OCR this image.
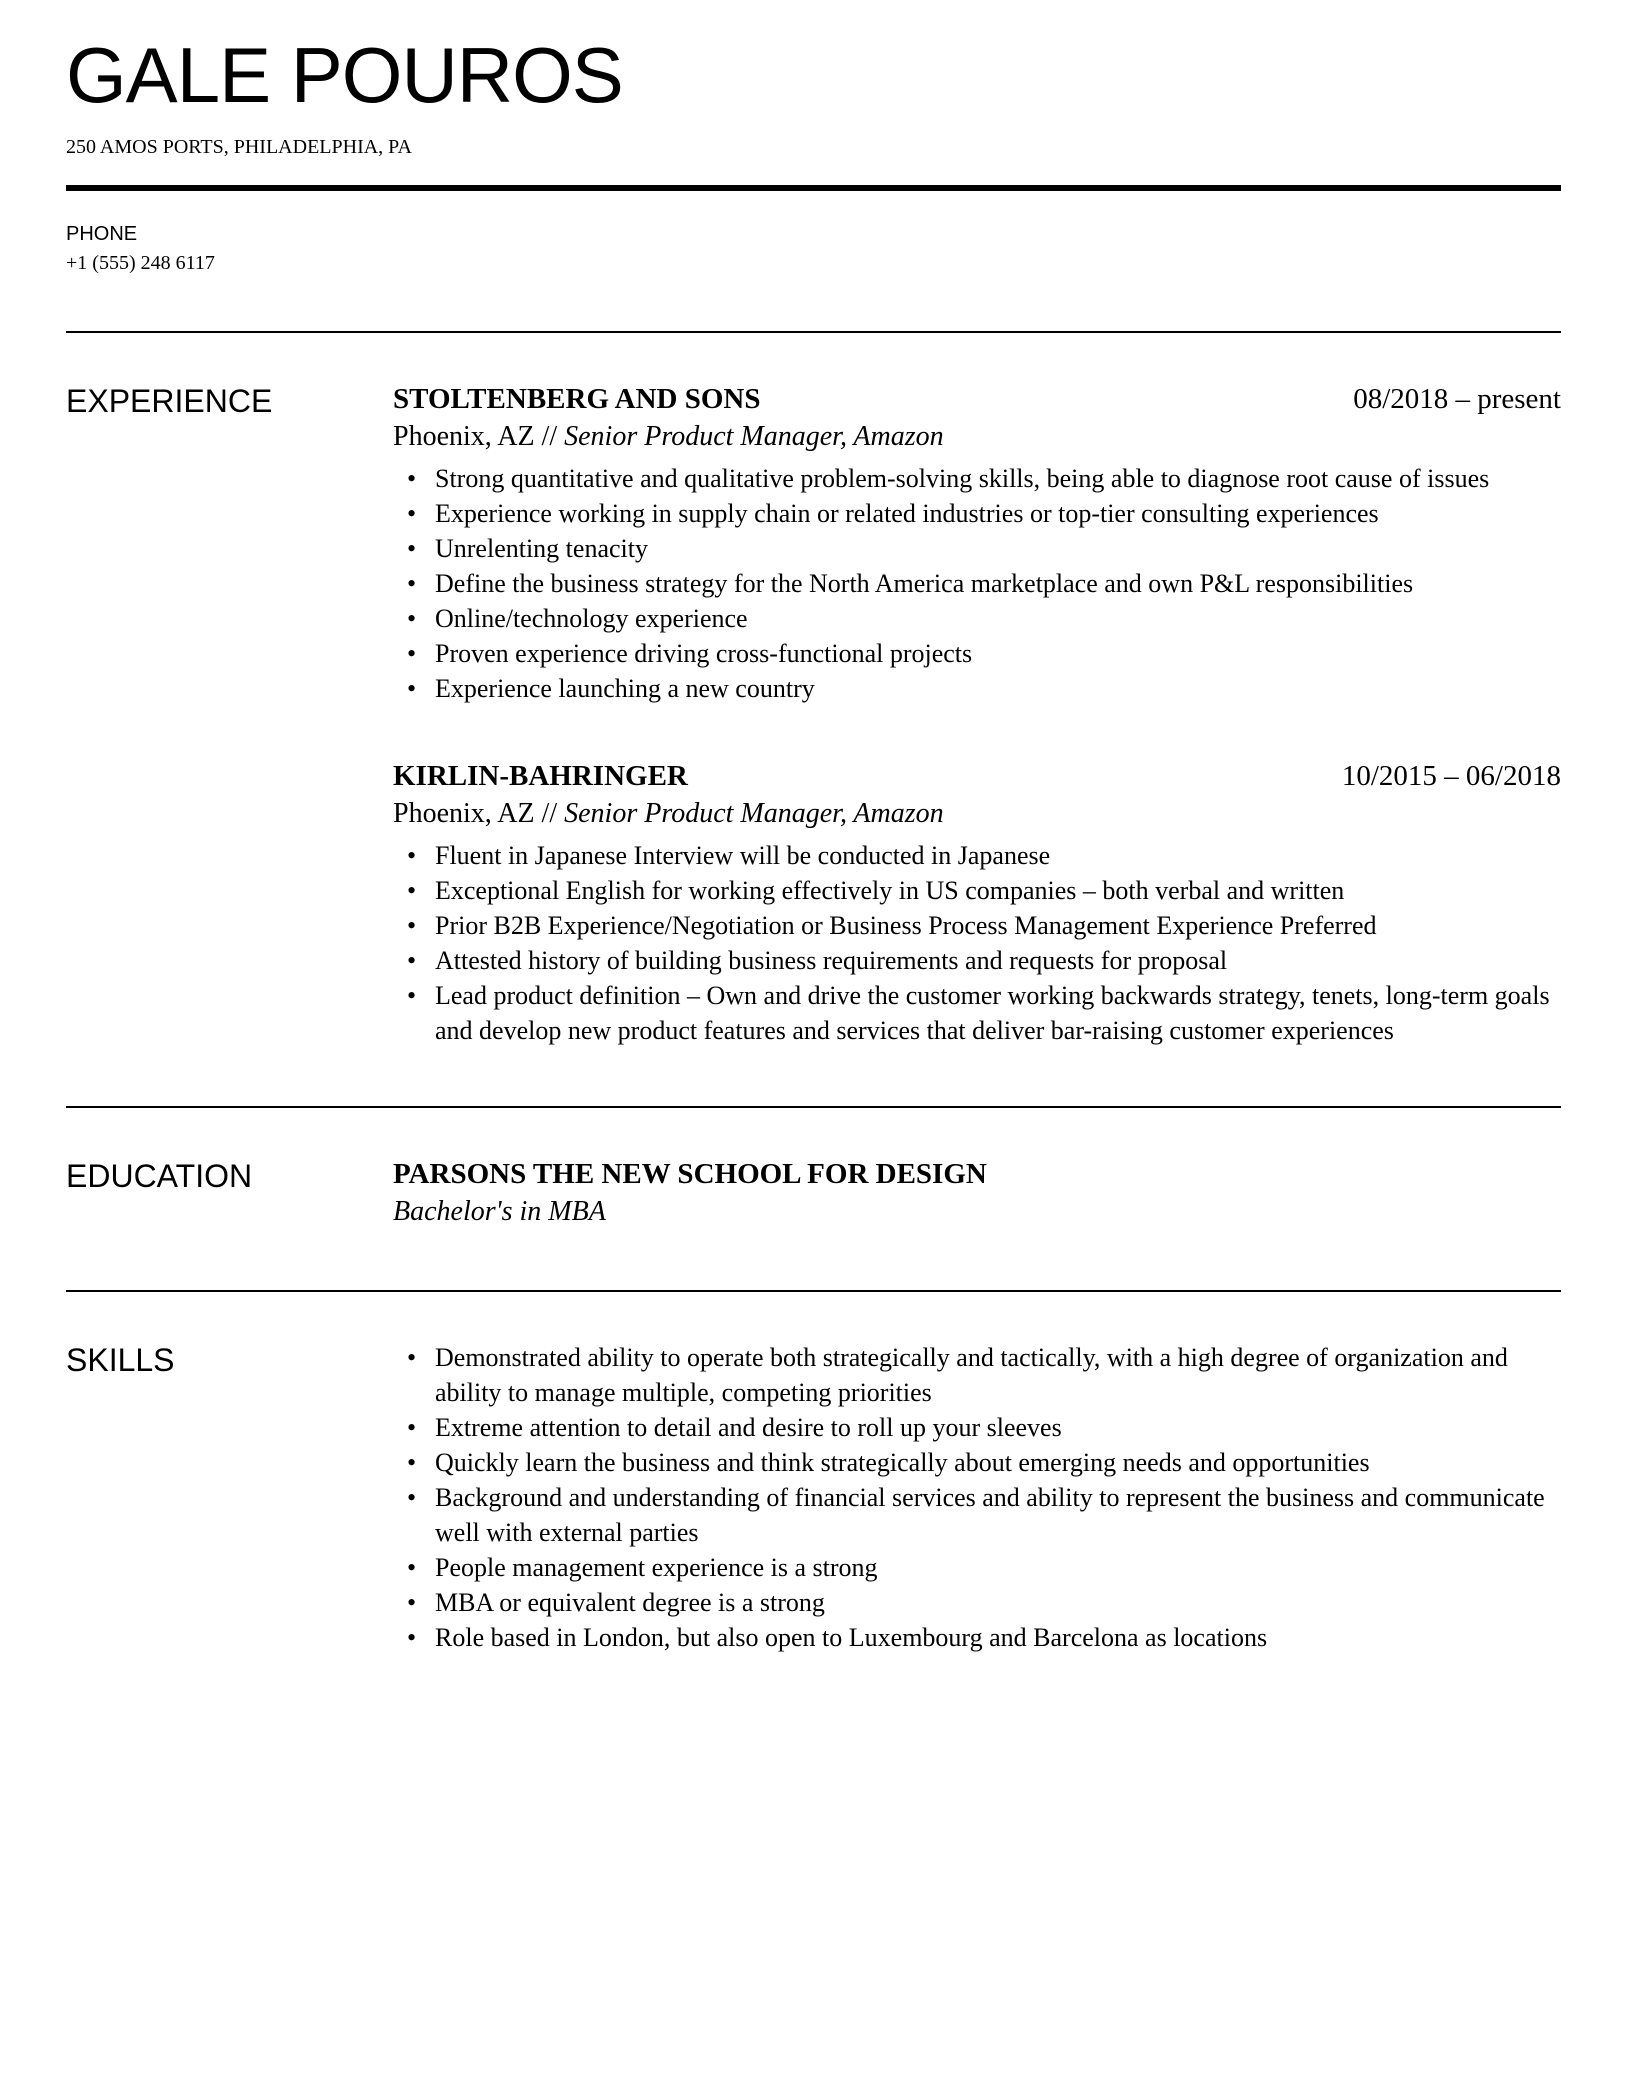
GALE POUROS
250 AMOS PORTS, PHILADELPHIA, PA
PHONE
+1 (555) 248 6117
EXPERIENCE	STOLTENBERG AND SONS	08/2018 – present
Phoenix, AZ // Senior Product Manager, Amazon
• Strong quantitative and qualitative problem-solving skills, being able to diagnose root cause of issues
• Experience working in supply chain or related industries or top-tier consulting experiences
• Unrelenting tenacity
• Define the business strategy for the North America marketplace and own P&L responsibilities
• Online/technology experience
• Proven experience driving cross-functional projects
• Experience launching a new country
KIRLIN-BAHRINGER	10/2015 – 06/2018
Phoenix, AZ // Senior Product Manager, Amazon
• Fluent in Japanese Interview will be conducted in Japanese
• Exceptional English for working effectively in US companies – both verbal and written
• Prior B2B Experience/Negotiation or Business Process Management Experience Preferred
• Attested history of building business requirements and requests for proposal
• Lead product definition – Own and drive the customer working backwards strategy, tenets, long-term goals and develop new product features and services that deliver bar-raising customer experiences
EDUCATION	PARSONS THE NEW SCHOOL FOR DESIGN
Bachelor's in MBA
SKILLS	• Demonstrated ability to operate both strategically and tactically, with a high degree of organization and ability to manage multiple, competing priorities
• Extreme attention to detail and desire to roll up your sleeves
• Quickly learn the business and think strategically about emerging needs and opportunities
• Background and understanding of financial services and ability to represent the business and communicate well with external parties
• People management experience is a strong
• MBA or equivalent degree is a strong
• Role based in London, but also open to Luxembourg and Barcelona as locations
